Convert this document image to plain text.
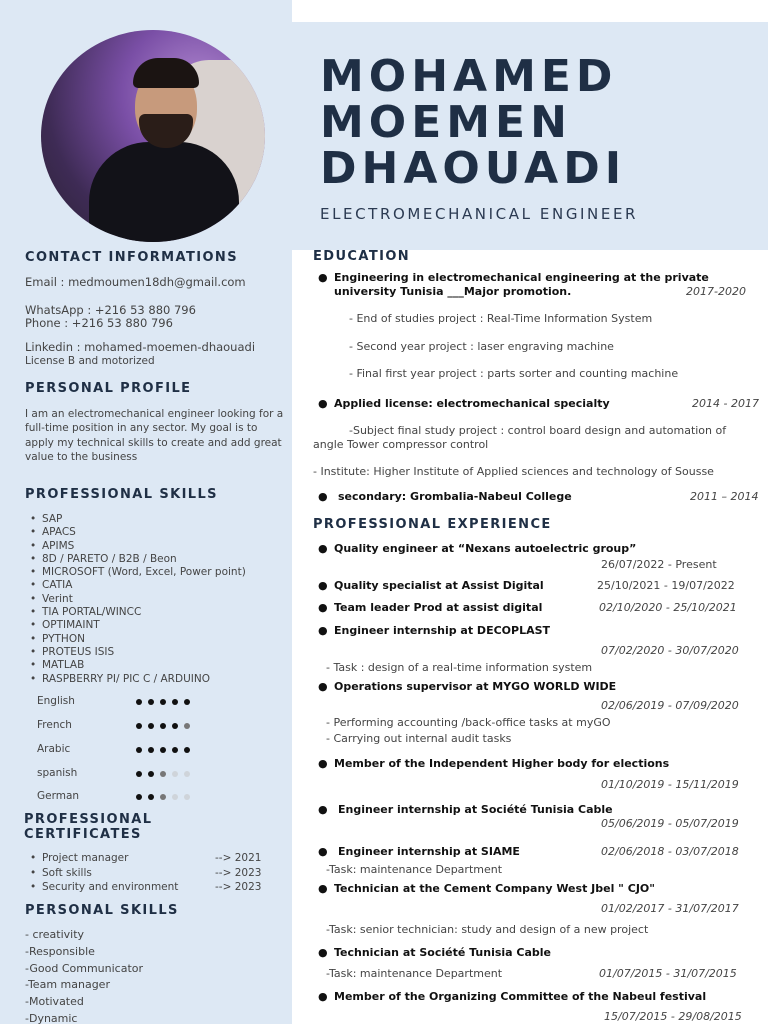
MOHAMED
MOEMEN
DHAOUADI
ELECTROMECHANICAL ENGINEER
CONTACT INFORMATIONS
Email : medmoumen18dh@gmail.com
WhatsApp : +216 53 880 796
Phone : +216 53 880 796
Linkedin : mohamed-moemen-dhaouadi
License B and motorized
PERSONAL PROFILE
I am an electromechanical engineer looking for a full-time position in any sector. My goal is to apply my technical skills to create and add great value to the business
PROFESSIONAL SKILLS
• SAP
• APACS
• APIMS
• 8D / PARETO / B2B / Beon
• MICROSOFT (Word, Excel, Power point)
• CATIA
• Verint
• TIA PORTAL/WINCC
• OPTIMAINT
• PYTHON
• PROTEUS ISIS
• MATLAB
• RASPBERRY PI/ PIC C / ARDUINO
English
French
Arabic
spanish
German
PROFESSIONAL
CERTIFICATES
• Project manager	--> 2021
• Soft skills	--> 2023
• Security and environment	--> 2023
PERSONAL SKILLS
- creativity
-Responsible
-Good Communicator
-Team manager
-Motivated
-Dynamic
EDUCATION
● Engineering in electromechanical engineering at the private
university Tunisia ___Major promotion.	2017-2020
- End of studies project : Real-Time Information System
- Second year project : laser engraving machine
- Final first year project : parts sorter and counting machine
● Applied license: electromechanical specialty	2014 - 2017
-Subject final study project : control board design and automation of
angle Tower compressor control
- Institute: Higher Institute of Applied sciences and technology of Sousse
● secondary: Grombalia-Nabeul College	2011 – 2014
PROFESSIONAL EXPERIENCE
● Quality engineer at “Nexans autoelectric group”
26/07/2022 - Present
● Quality specialist at Assist Digital	25/10/2021 - 19/07/2022
● Team leader Prod at assist digital	02/10/2020 - 25/10/2021
● Engineer internship at DECOPLAST
07/02/2020 - 30/07/2020
- Task : design of a real-time information system
● Operations supervisor at MYGO WORLD WIDE
02/06/2019 - 07/09/2020
- Performing accounting /back-office tasks at myGO
- Carrying out internal audit tasks
● Member of the Independent Higher body for elections
01/10/2019 - 15/11/2019
● Engineer internship at Société Tunisia Cable
05/06/2019 - 05/07/2019
● Engineer internship at SIAME	02/06/2018 - 03/07/2018
-Task: maintenance Department
● Technician at the Cement Company West Jbel " CJO"
01/02/2017 - 31/07/2017
-Task: senior technician: study and design of a new project
● Technician at Société Tunisia Cable
-Task: maintenance Department	01/07/2015 - 31/07/2015
● Member of the Organizing Committee of the Nabeul festival
15/07/2015 - 29/08/2015
